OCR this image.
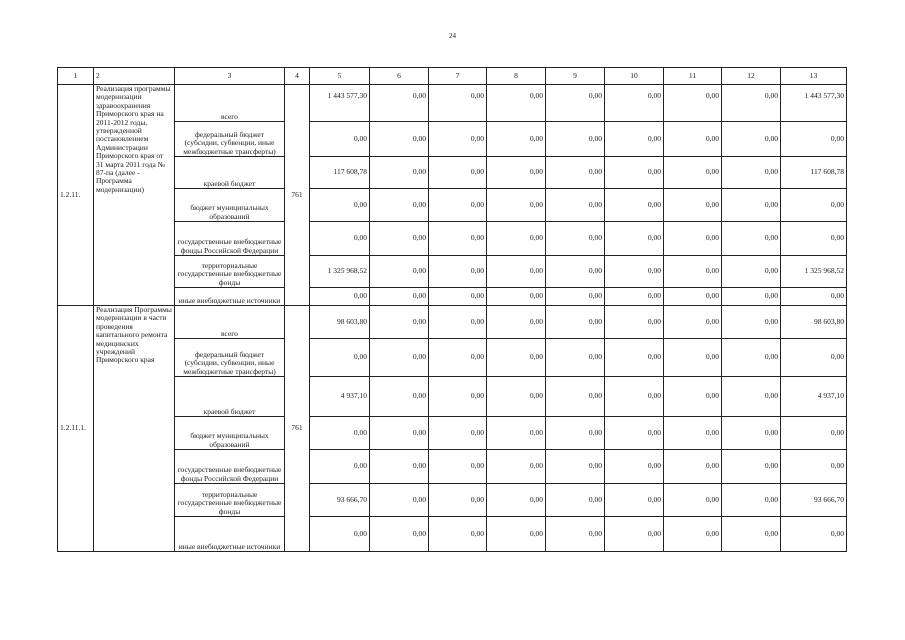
24
1	2	3	4	5	6	7	8	9	10	11	12	13
1.2.11.	Реализация программы модернизации здравоохранения Приморского края на 2011-2012 годы, утвержденной постановлением Администрации Приморского края от 31 марта 2011 года № 87-па (далее - Программа модернизации)	всего	761	1 443 577,30	0,00	0,00	0,00	0,00	0,00	0,00	0,00	1 443 577,30
		федеральный бюджет (субсидии, субвенции, иные межбюджетные трансферты)		0,00	0,00	0,00	0,00	0,00	0,00	0,00	0,00	0,00
		краевой бюджет		117 608,78	0,00	0,00	0,00	0,00	0,00	0,00	0,00	117 608,78
		бюджет муниципальных образований		0,00	0,00	0,00	0,00	0,00	0,00	0,00	0,00	0,00
		государственные внебюджетные фонды Российской Федерации		0,00	0,00	0,00	0,00	0,00	0,00	0,00	0,00	0,00
		территориальные государственные внебюджетные фонды		1 325 968,52	0,00	0,00	0,00	0,00	0,00	0,00	0,00	1 325 968,52
		иные внебюджетные источники		0,00	0,00	0,00	0,00	0,00	0,00	0,00	0,00	0,00
1.2.11.1.	Реализация Программы модернизации в части проведения капитального ремонта медицинских учреждений Приморского края	всего	761	98 603,80	0,00	0,00	0,00	0,00	0,00	0,00	0,00	98 603,80
		федеральный бюджет (субсидии, субвенции, иные межбюджетные трансферты)		0,00	0,00	0,00	0,00	0,00	0,00	0,00	0,00	0,00
		краевой бюджет		4 937,10	0,00	0,00	0,00	0,00	0,00	0,00	0,00	4 937,10
		бюджет муниципальных образований		0,00	0,00	0,00	0,00	0,00	0,00	0,00	0,00	0,00
		государственные внебюджетные фонды Российской Федерации		0,00	0,00	0,00	0,00	0,00	0,00	0,00	0,00	0,00
		территориальные государственные внебюджетные фонды		93 666,70	0,00	0,00	0,00	0,00	0,00	0,00	0,00	93 666,70
		иные внебюджетные источники		0,00	0,00	0,00	0,00	0,00	0,00	0,00	0,00	0,00
